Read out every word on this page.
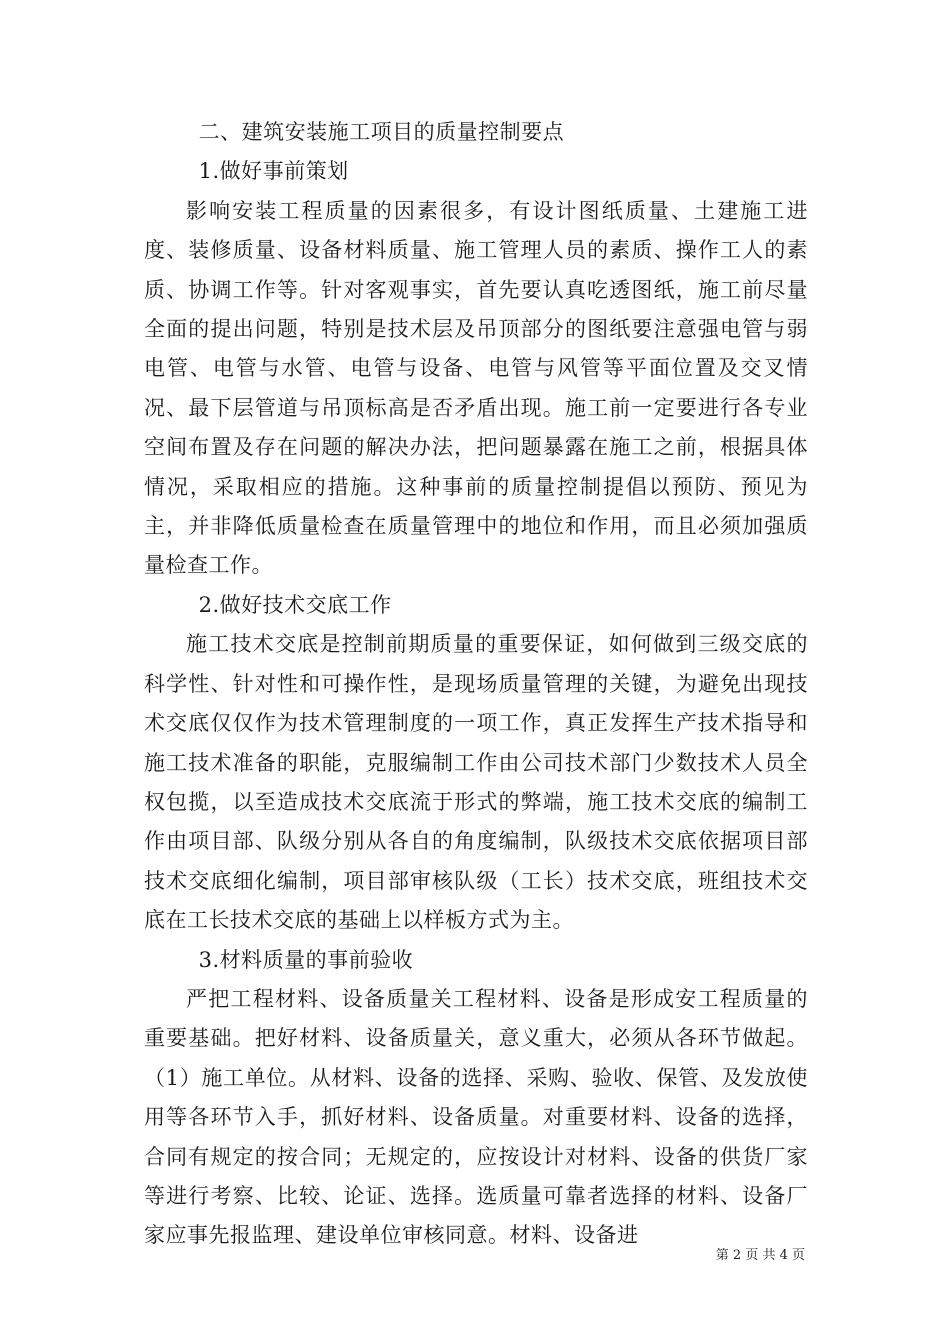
二、建筑安装施工项目的质量控制要点

1.做好事前策划

影响安装工程质量的因素很多，有设计图纸质量、土建施工进度、装修质量、设备材料质量、施工管理人员的素质、操作工人的素质、协调工作等。针对客观事实，首先要认真吃透图纸，施工前尽量全面的提出问题，特别是技术层及吊顶部分的图纸要注意强电管与弱电管、电管与水管、电管与设备、电管与风管等平面位置及交叉情况、最下层管道与吊顶标高是否矛盾出现。施工前一定要进行各专业空间布置及存在问题的解决办法，把问题暴露在施工之前，根据具体情况，采取相应的措施。这种事前的质量控制提倡以预防、预见为主，并非降低质量检查在质量管理中的地位和作用，而且必须加强质量检查工作。

2.做好技术交底工作

施工技术交底是控制前期质量的重要保证，如何做到三级交底的科学性、针对性和可操作性，是现场质量管理的关键，为避免出现技术交底仅仅作为技术管理制度的一项工作，真正发挥生产技术指导和施工技术准备的职能，克服编制工作由公司技术部门少数技术人员全权包揽，以至造成技术交底流于形式的弊端，施工技术交底的编制工作由项目部、队级分别从各自的角度编制，队级技术交底依据项目部技术交底细化编制，项目部审核队级（工长）技术交底，班组技术交底在工长技术交底的基础上以样板方式为主。

3.材料质量的事前验收

严把工程材料、设备质量关工程材料、设备是形成安工程质量的重要基础。把好材料、设备质量关，意义重大，必须从各环节做起。（1）施工单位。从材料、设备的选择、采购、验收、保管、及发放使用等各环节入手，抓好材料、设备质量。对重要材料、设备的选择，合同有规定的按合同；无规定的，应按设计对材料、设备的供货厂家等进行考察、比较、论证、选择。选质量可靠者选择的材料、设备厂家应事先报监理、建设单位审核同意。材料、设备进

第 2 页 共 4 页
